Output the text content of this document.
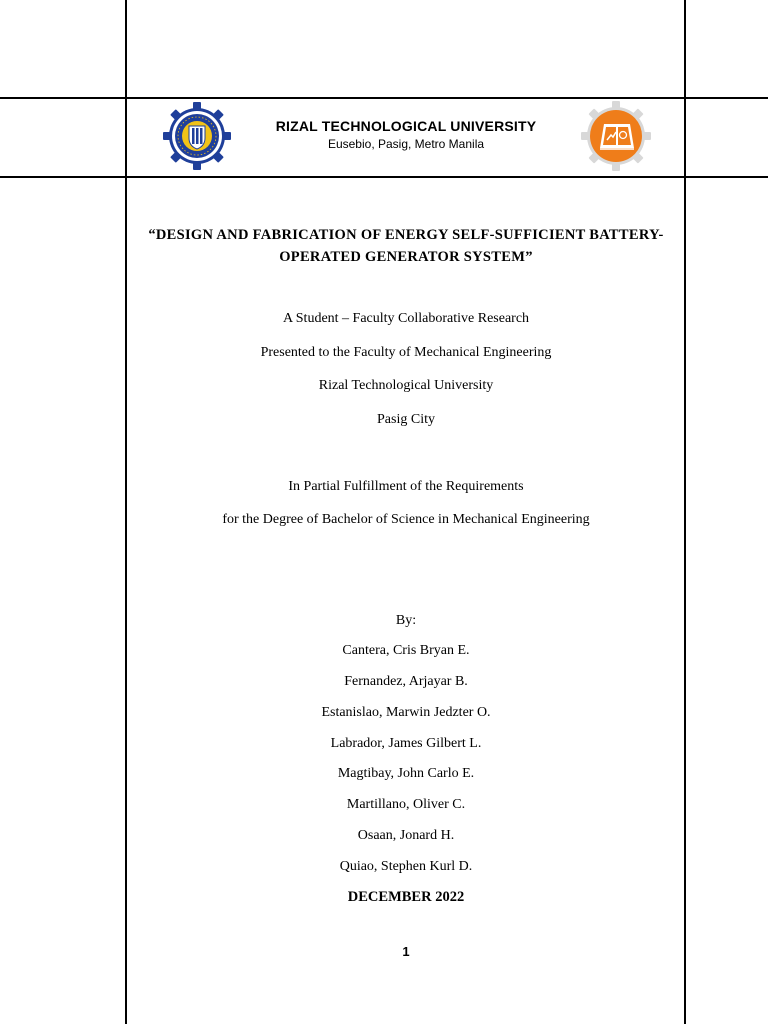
RIZAL TECHNOLOGICAL UNIVERSITY
Eusebio, Pasig, Metro Manila
“DESIGN AND FABRICATION OF ENERGY SELF-SUFFICIENT BATTERY-
OPERATED GENERATOR SYSTEM”
A Student – Faculty Collaborative Research
Presented to the Faculty of Mechanical Engineering
Rizal Technological University
Pasig City
In Partial Fulfillment of the Requirements
for the Degree of Bachelor of Science in Mechanical Engineering
By:
Cantera, Cris Bryan E.
Fernandez, Arjayar B.
Estanislao, Marwin Jedzter O.
Labrador, James Gilbert L.
Magtibay, John Carlo E.
Martillano, Oliver C.
Osaan, Jonard H.
Quiao, Stephen Kurl D.
DECEMBER 2022
1
